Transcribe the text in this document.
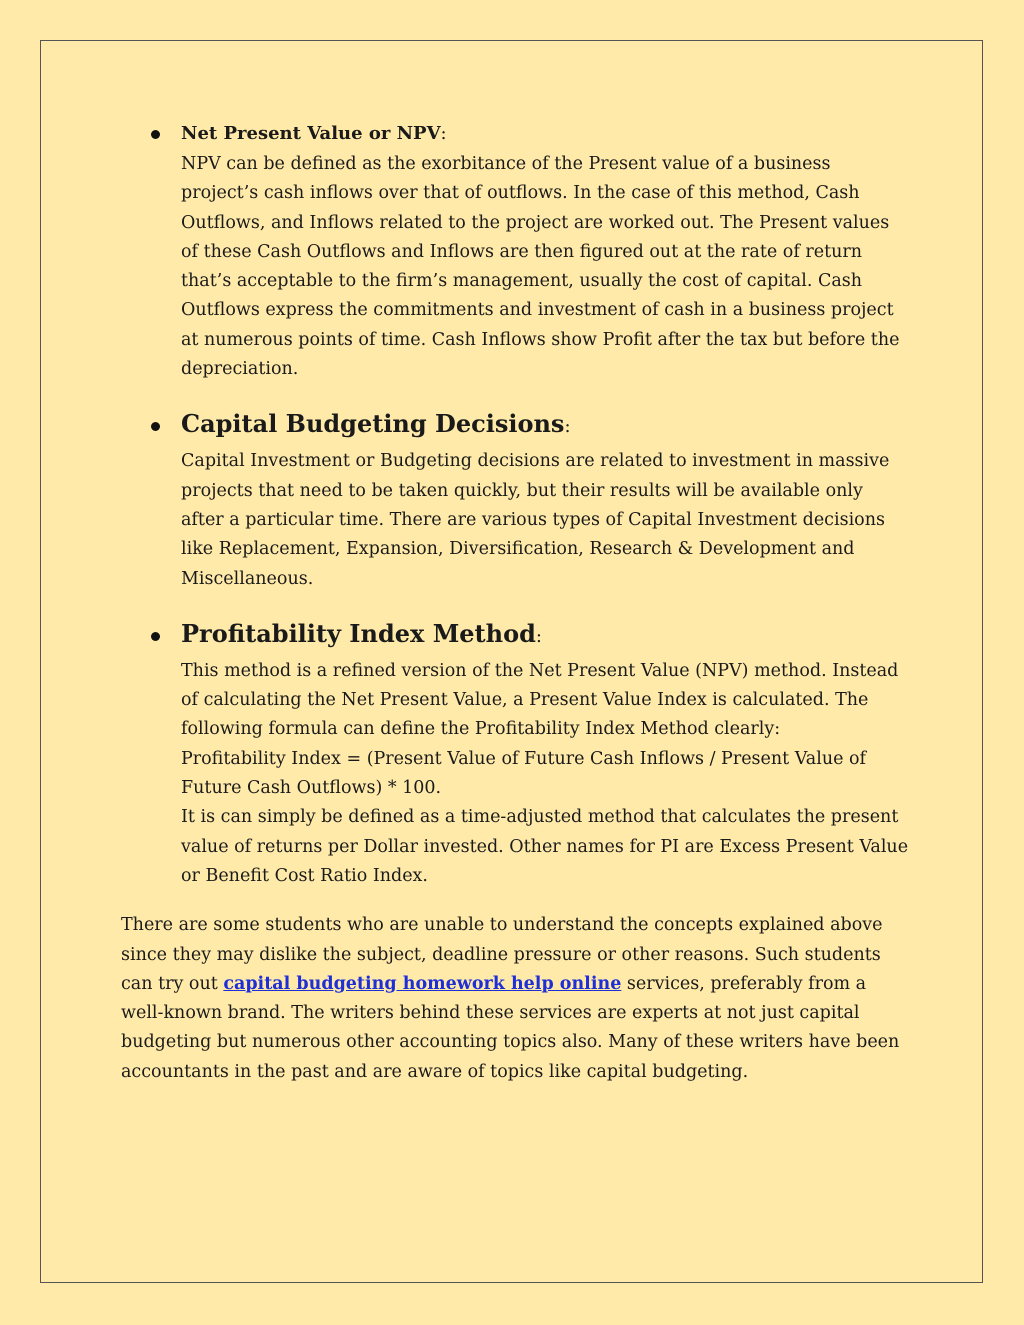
Net Present Value or NPV:

NPV can be defined as the exorbitance of the Present value of a business project’s cash inflows over that of outflows. In the case of this method, Cash Outflows, and Inflows related to the project are worked out. The Present values of these Cash Outflows and Inflows are then figured out at the rate of return that’s acceptable to the firm’s management, usually the cost of capital. Cash Outflows express the commitments and investment of cash in a business project at numerous points of time. Cash Inflows show Profit after the tax but before the depreciation.

Capital Budgeting Decisions:

Capital Investment or Budgeting decisions are related to investment in massive projects that need to be taken quickly, but their results will be available only after a particular time. There are various types of Capital Investment decisions like Replacement, Expansion, Diversification, Research & Development and Miscellaneous.

Profitability Index Method:

This method is a refined version of the Net Present Value (NPV) method. Instead of calculating the Net Present Value, a Present Value Index is calculated. The following formula can define the Profitability Index Method clearly:

Profitability Index = (Present Value of Future Cash Inflows / Present Value of Future Cash Outflows) * 100.

It is can simply be defined as a time-adjusted method that calculates the present value of returns per Dollar invested. Other names for PI are Excess Present Value or Benefit Cost Ratio Index.

There are some students who are unable to understand the concepts explained above since they may dislike the subject, deadline pressure or other reasons. Such students can try out capital budgeting homework help online services, preferably from a well-known brand. The writers behind these services are experts at not just capital budgeting but numerous other accounting topics also. Many of these writers have been accountants in the past and are aware of topics like capital budgeting.
